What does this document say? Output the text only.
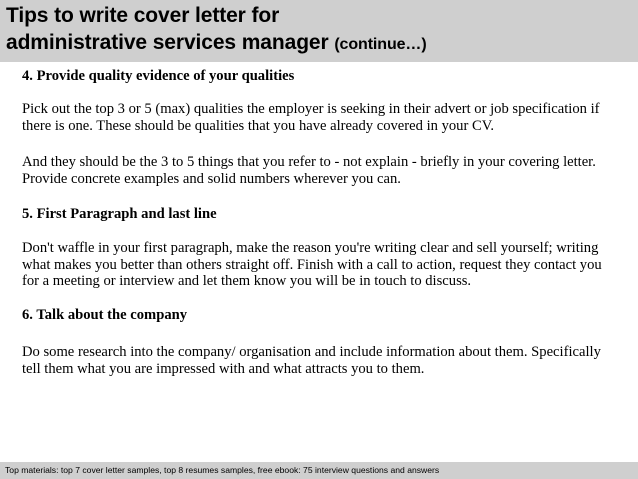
Tips to write cover letter for
administrative services manager (continue…)

4. Provide quality evidence of your qualities

Pick out the top 3 or 5 (max) qualities the employer is seeking in their advert or job specification if there is one. These should be qualities that you have already covered in your CV.

And they should be the 3 to 5 things that you refer to - not explain - briefly in your covering letter. Provide concrete examples and solid numbers wherever you can.

5. First Paragraph and last line

Don't waffle in your first paragraph, make the reason you're writing clear and sell yourself; writing what makes you better than others straight off. Finish with a call to action, request they contact you for a meeting or interview and let them know you will be in touch to discuss.

6. Talk about the company

Do some research into the company/ organisation and include information about them. Specifically tell them what you are impressed with and what attracts you to them.

Top materials: top 7 cover letter samples, top 8 resumes samples, free ebook: 75 interview questions and answers
